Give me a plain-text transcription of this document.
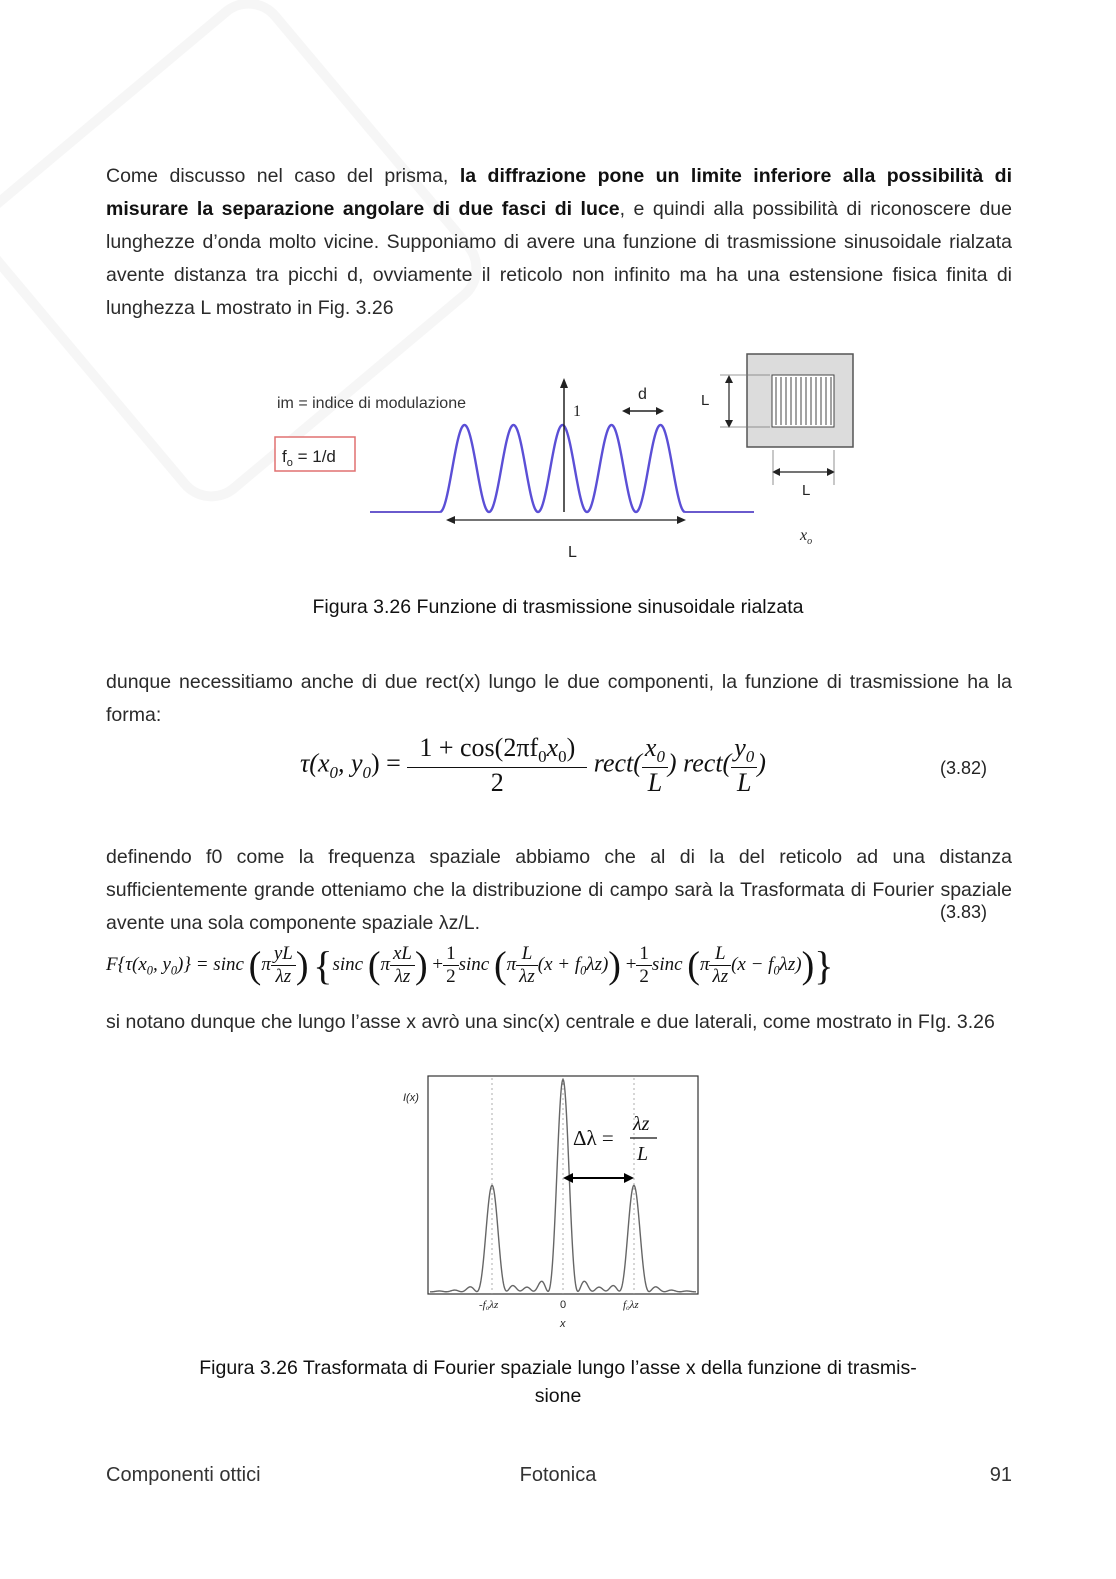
Come discusso nel caso del prisma, la diffrazione pone un limite inferiore alla possibilità di misurare la separazione angolare di due fasci di luce, e quindi alla possibilità di riconoscere due lunghezze d’onda molto vicine. Supponiamo di avere una funzione di trasmissione sinusoidale rialzata avente distanza tra picchi d, ovviamente il reticolo non infinito ma ha una estensione fisica finita di lunghezza L mostrato in Fig. 3.26
im = indice di modulazione
$f_o = 1/d$
1
d	L
L
L
$x_o$
Figura 3.26 Funzione di trasmissione sinusoidale rialzata
dunque necessitiamo anche di due rect(x) lungo le due componenti, la funzione di trasmissione ha la forma:
$\tau(x_0$, $y_0) = \frac{1 + \cos(2\pi f_0x_0)}{2}$ rect( $\frac{x_0}{L}$ ) rect( $\frac{y_0}{L}$ )	(3.82)
definendo f0 come la frequenza spaziale abbiamo che al di la del reticolo ad una distanza sufficientemente grande otteniamo che la distribuzione di campo sarà la Trasformata di Fourier spaziale avente una sola componente spaziale λz/L.	(3.83)
$F\{\tau(x_0$, $y_0)\} = \sin c$ ($\pi \frac{yL}{\lambda z}$ ) {sinc ($\pi \frac{xL}{\lambda z}$ ) + $\frac{1}{2}$ sinc $(\pi \frac{L}{\lambda z} (x + f_0\lambda z)) + \frac{1}{2}$ sinc $(\pi \frac{L}{\lambda z} (x - f_0\lambda z))$}
si notano dunque che lungo l’asse x avrò una sinc(x) centrale e due laterali, come mostrato in FIg. 3.26
I(x)
Δλ =
λz
L
-foλz	0	foλz
x
Figura 3.26 Trasformata di Fourier spaziale lungo l’asse x della funzione di trasmis-
sione
Componenti ottici	Fotonica	91
